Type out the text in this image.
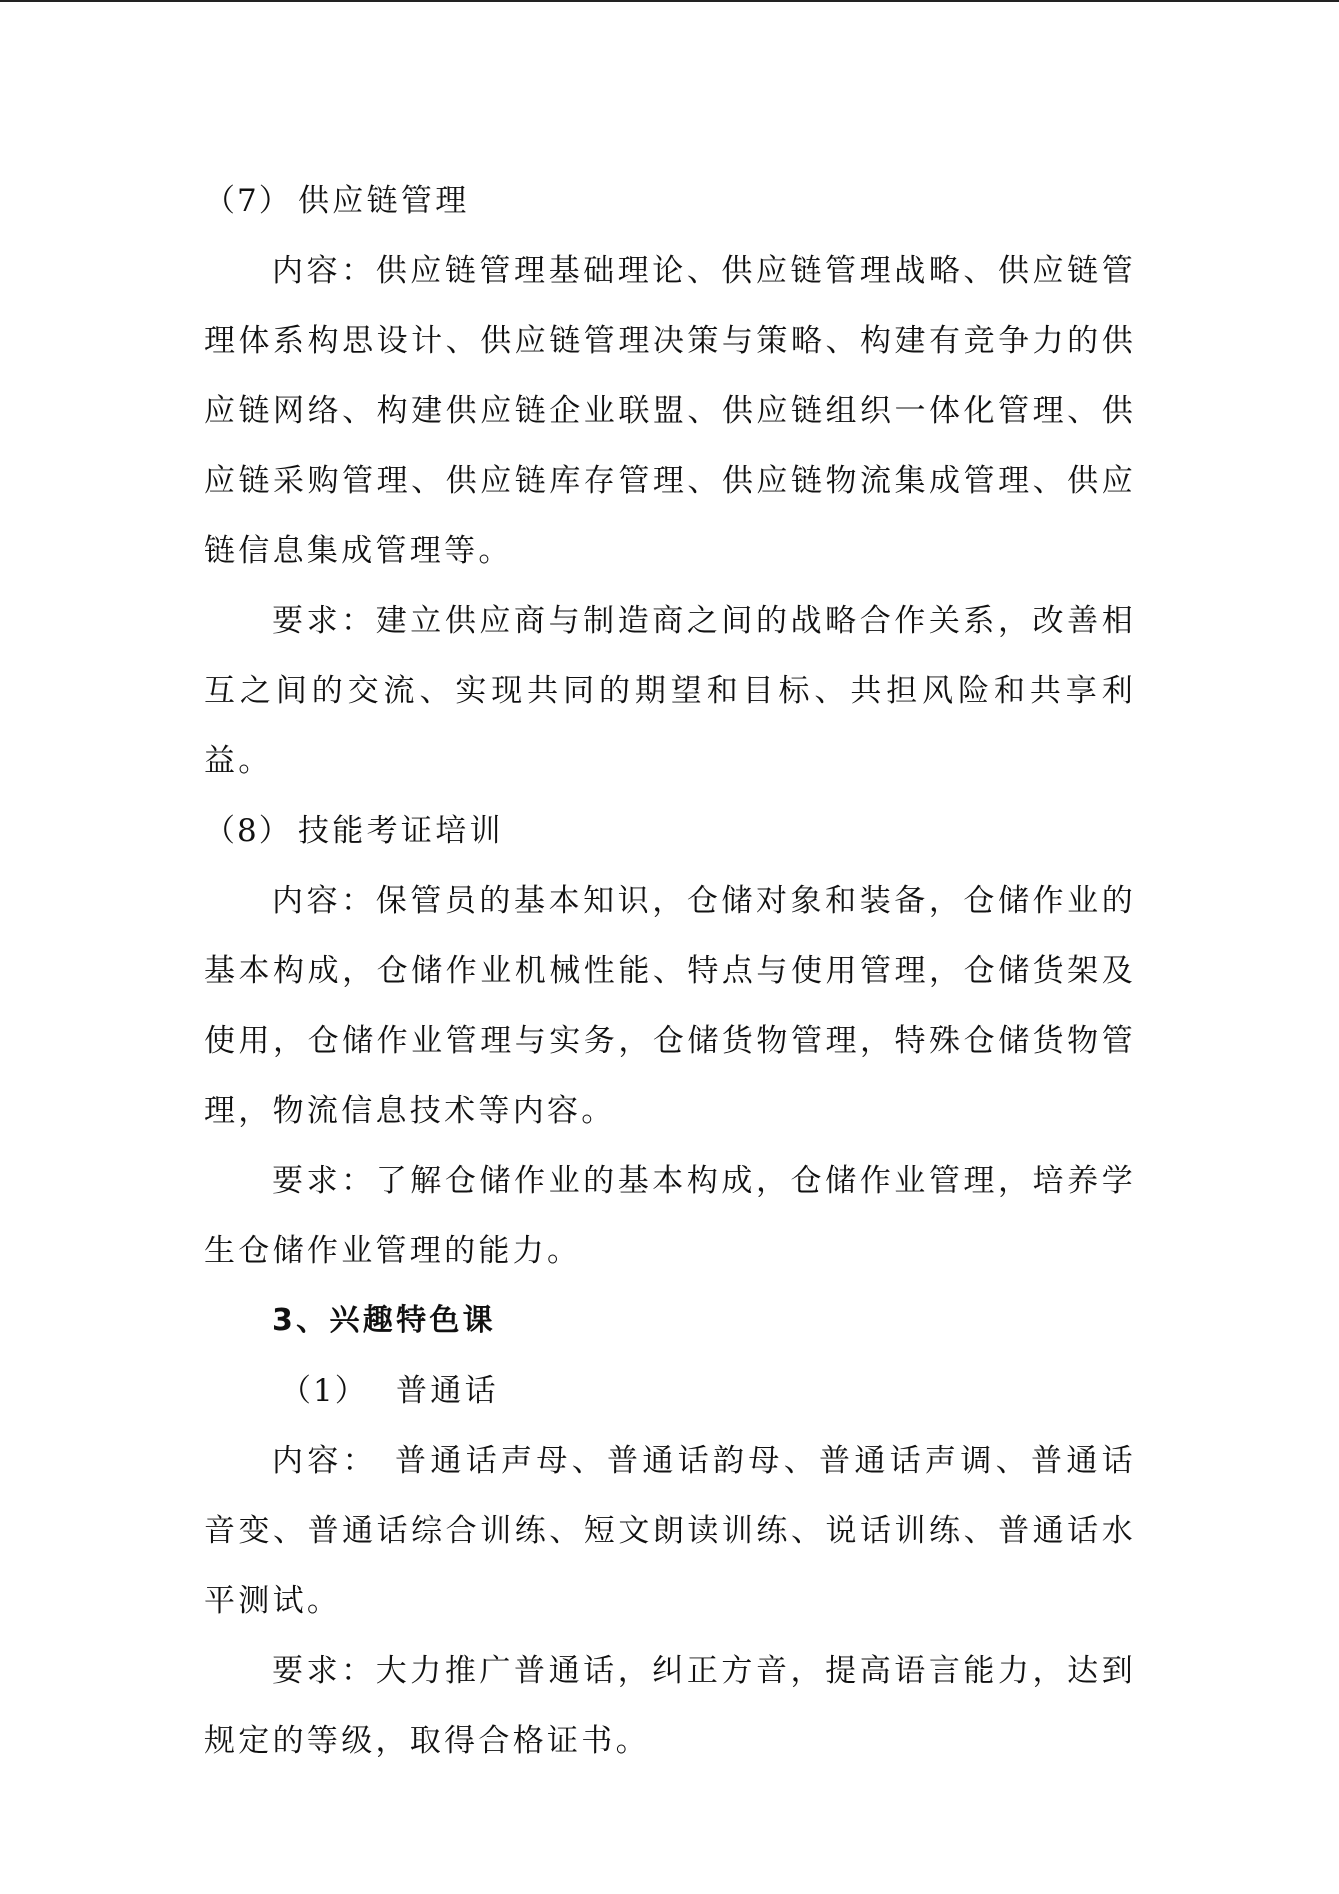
（7） 供应链管理

内容：供应链管理基础理论、供应链管理战略、供应链管理体系构思设计、供应链管理决策与策略、构建有竞争力的供应链网络、构建供应链企业联盟、供应链组织一体化管理、供应链采购管理、供应链库存管理、供应链物流集成管理、供应链信息集成管理等。

要求：建立供应商与制造商之间的战略合作关系，改善相互之间的交流、实现共同的期望和目标、共担风险和共享利益。

（8） 技能考证培训

内容：保管员的基本知识，仓储对象和装备，仓储作业的基本构成，仓储作业机械性能、特点与使用管理，仓储货架及使用，仓储作业管理与实务，仓储货物管理，特殊仓储货物管理，物流信息技术等内容。

要求：了解仓储作业的基本构成，仓储作业管理，培养学生仓储作业管理的能力。

3、兴趣特色课
（1） 普通话

内容： 普通话声母、普通话韵母、普通话声调、普通话音变、普通话综合训练、短文朗读训练、说话训练、普通话水平测试。

要求：大力推广普通话，纠正方音，提高语言能力，达到规定的等级，取得合格证书。
